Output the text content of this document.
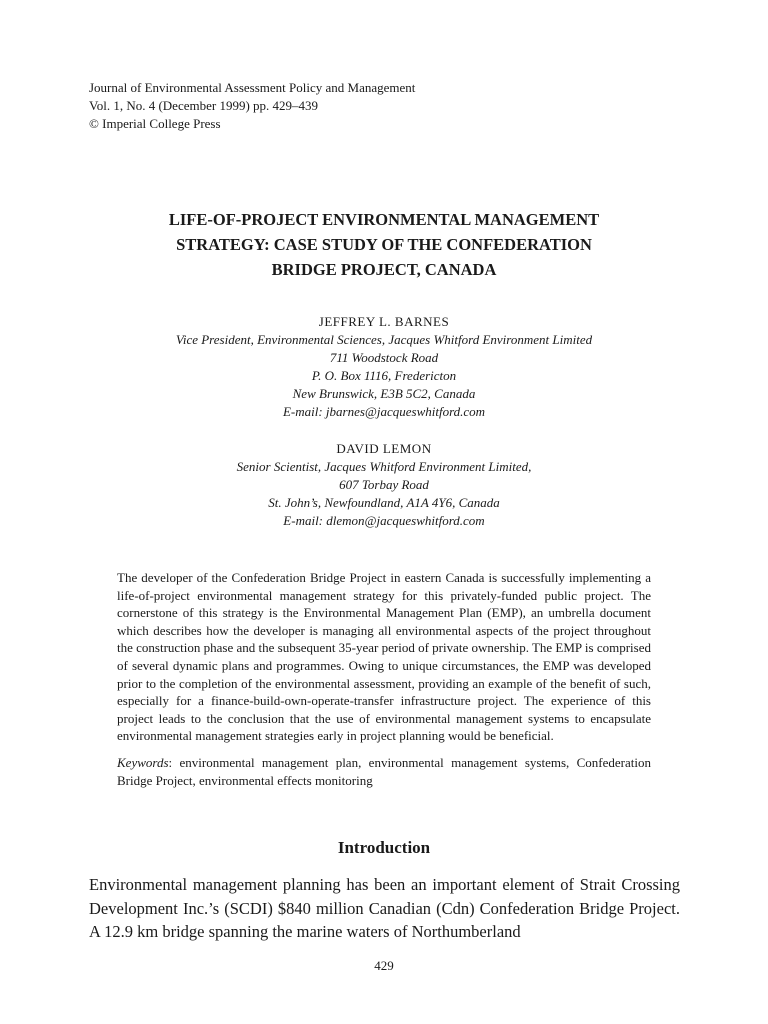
Journal of Environmental Assessment Policy and Management
Vol. 1, No. 4 (December 1999) pp. 429–439
© Imperial College Press
LIFE-OF-PROJECT ENVIRONMENTAL MANAGEMENT
STRATEGY: CASE STUDY OF THE CONFEDERATION
BRIDGE PROJECT, CANADA
JEFFREY L. BARNES
Vice President, Environmental Sciences, Jacques Whitford Environment Limited
711 Woodstock Road
P. O. Box 1116, Fredericton
New Brunswick, E3B 5C2, Canada
E-mail: jbarnes@jacqueswhitford.com
DAVID LEMON
Senior Scientist, Jacques Whitford Environment Limited,
607 Torbay Road
St. John’s, Newfoundland, A1A 4Y6, Canada
E-mail: dlemon@jacqueswhitford.com

The developer of the Confederation Bridge Project in eastern Canada is successfully implementing a life-of-project environmental management strategy for this privately-funded public project. The cornerstone of this strategy is the Environmental Management Plan (EMP), an umbrella document which describes how the developer is managing all environmental aspects of the project throughout the construction phase and the subsequent 35-year period of private ownership. The EMP is comprised of several dynamic plans and programmes. Owing to unique circumstances, the EMP was developed prior to the completion of the environmental assessment, providing an example of the benefit of such, especially for a finance-build-own-operate-transfer infrastructure project. The experience of this project leads to the conclusion that the use of environmental management systems to encapsulate environmental management strategies early in project planning would be beneficial.

Keywords: environmental management plan, environmental management systems, Confederation Bridge Project, environmental effects monitoring

Introduction

Environmental management planning has been an important element of Strait Crossing Development Inc.’s (SCDI) $840 million Canadian (Cdn) Confederation Bridge Project. A 12.9 km bridge spanning the marine waters of Northumberland

429
